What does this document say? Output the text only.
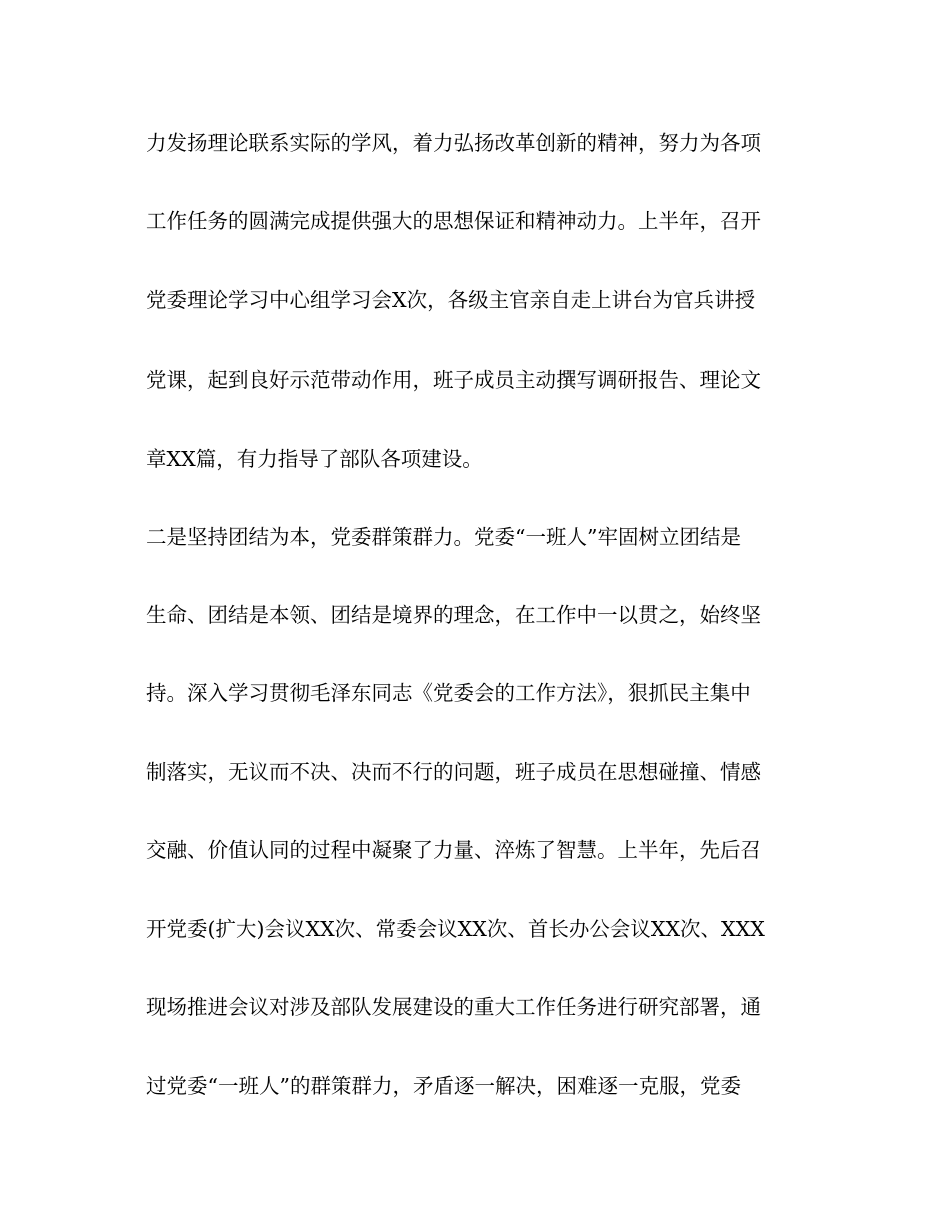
力发扬理论联系实际的学风，着力弘扬改革创新的精神，努力为各项
工作任务的圆满完成提供强大的思想保证和精神动力。上半年，召开
党委理论学习中心组学习会X次，各级主官亲自走上讲台为官兵讲授
党课，起到良好示范带动作用，班子成员主动撰写调研报告、理论文
章XX篇，有力指导了部队各项建设。
二是坚持团结为本，党委群策群力。党委“一班人”牢固树立团结是
生命、团结是本领、团结是境界的理念，在工作中一以贯之，始终坚
持。深入学习贯彻毛泽东同志《党委会的工作方法》，狠抓民主集中
制落实，无议而不决、决而不行的问题，班子成员在思想碰撞、情感
交融、价值认同的过程中凝聚了力量、淬炼了智慧。上半年，先后召
开党委(扩大)会议XX次、常委会议XX次、首长办公会议XX次、XXX
现场推进会议对涉及部队发展建设的重大工作任务进行研究部署，通
过党委“一班人”的群策群力，矛盾逐一解决，困难逐一克服，党委
